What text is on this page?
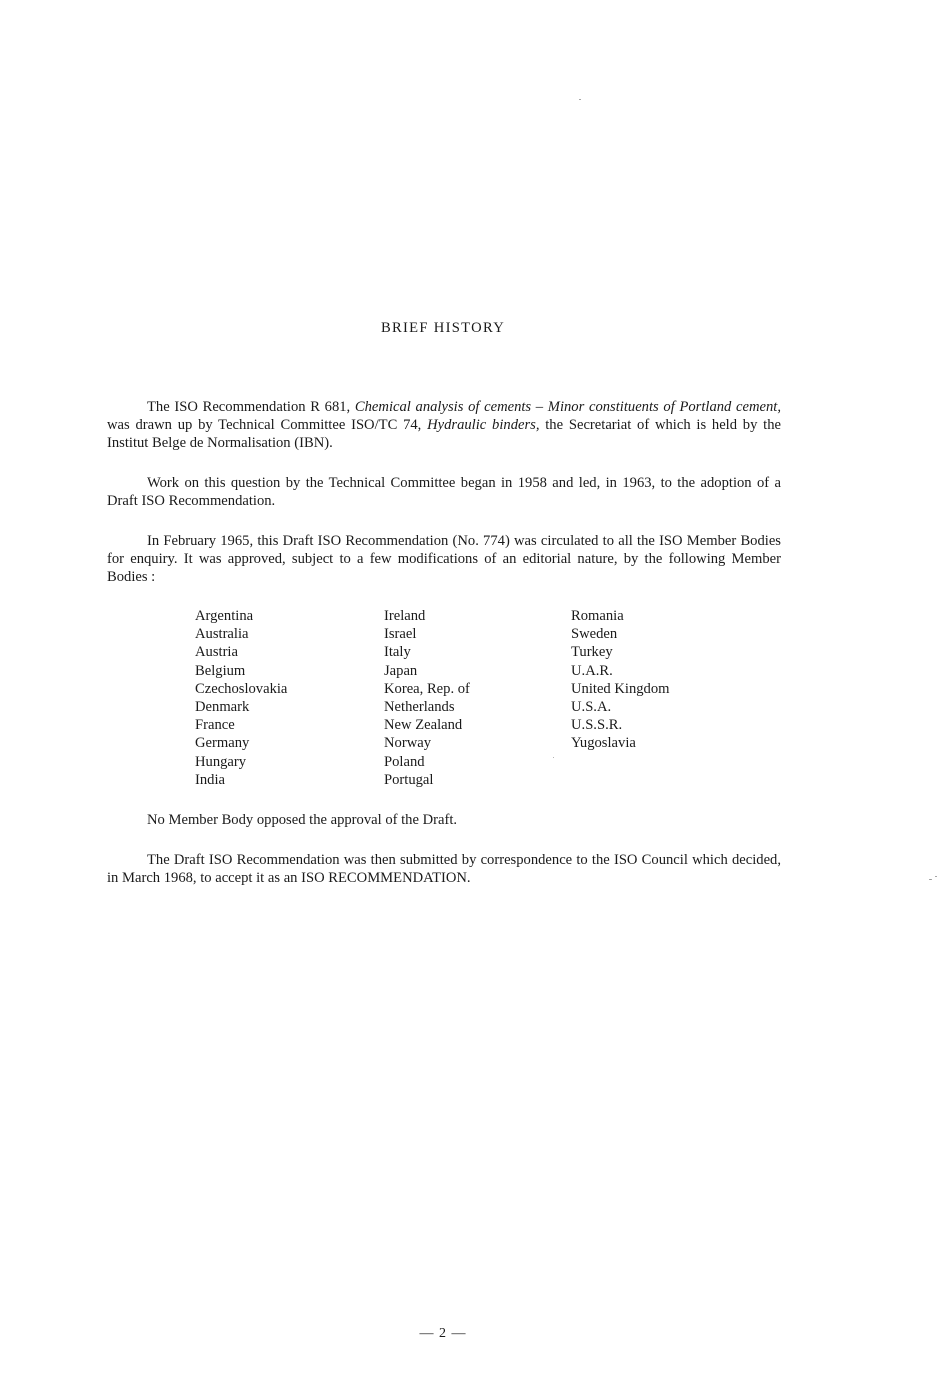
BRIEF HISTORY

The ISO Recommendation R 681, Chemical analysis of cements – Minor constituents of Portland cement, was drawn up by Technical Committee ISO/TC 74, Hydraulic binders, the Secretariat of which is held by the Institut Belge de Normalisation (IBN).

Work on this question by the Technical Committee began in 1958 and led, in 1963, to the adoption of a Draft ISO Recommendation.

In February 1965, this Draft ISO Recommendation (No. 774) was circulated to all the ISO Member Bodies for enquiry. It was approved, subject to a few modifications of an editorial nature, by the following Member Bodies :

Argentina
Australia
Austria
Belgium
Czechoslovakia
Denmark
France
Germany
Hungary
India
Ireland
Israel
Italy
Japan
Korea, Rep. of
Netherlands
New Zealand
Norway
Poland
Portugal
Romania
Sweden
Turkey
U.A.R.
United Kingdom
U.S.A.
U.S.S.R.
Yugoslavia

No Member Body opposed the approval of the Draft.

The Draft ISO Recommendation was then submitted by correspondence to the ISO Council which decided, in March 1968, to accept it as an ISO RECOMMENDATION.

— 2 —
